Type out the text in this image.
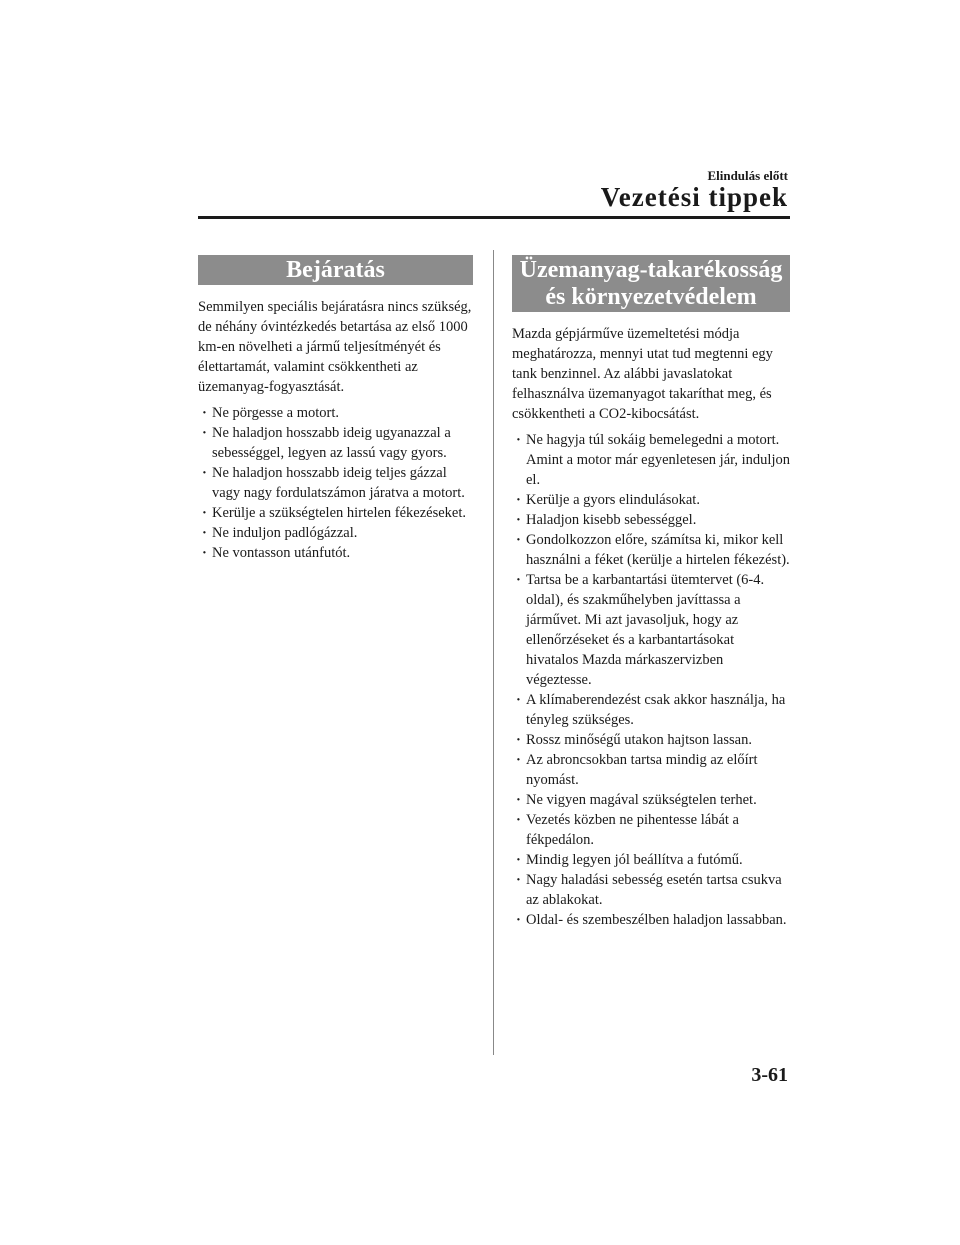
Elindulás előtt
Vezetési tippek
Bejáratás

Semmilyen speciális bejáratásra nincs szükség, de néhány óvintézkedés betartása az első 1000 km-en növelheti a jármű teljesítményét és élettartamát, valamint csökkentheti az üzemanyag-fogyasztását.

· Ne pörgesse a motort.
· Ne haladjon hosszabb ideig ugyanazzal a sebességgel, legyen az lassú vagy gyors.
· Ne haladjon hosszabb ideig teljes gázzal vagy nagy fordulatszámon járatva a motort.
· Kerülje a szükségtelen hirtelen fékezéseket.
· Ne induljon padlógázzal.
· Ne vontasson utánfutót.
Üzemanyag-takarékosság
és környezetvédelem

Mazda gépjárműve üzemeltetési módja meghatározza, mennyi utat tud megtenni egy tank benzinnel. Az alábbi javaslatokat felhasználva üzemanyagot takaríthat meg, és csökkentheti a CO2-kibocsátást.

· Ne hagyja túl sokáig bemelegedni a motort. Amint a motor már egyenletesen jár, induljon el.
· Kerülje a gyors elindulásokat.
· Haladjon kisebb sebességgel.
· Gondolkozzon előre, számítsa ki, mikor kell használni a féket (kerülje a hirtelen fékezést).
· Tartsa be a karbantartási ütemtervet (6-4. oldal), és szakműhelyben javíttassa a járművet. Mi azt javasoljuk, hogy az ellenőrzéseket és a karbantartásokat hivatalos Mazda márkaszervizben végeztesse.
· A klímaberendezést csak akkor használja, ha tényleg szükséges.
· Rossz minőségű utakon hajtson lassan.
· Az abroncsokban tartsa mindig az előírt nyomást.
· Ne vigyen magával szükségtelen terhet.
· Vezetés közben ne pihentesse lábát a fékpedálon.
· Mindig legyen jól beállítva a futómű.
· Nagy haladási sebesség esetén tartsa csukva az ablakokat.
· Oldal- és szembeszélben haladjon lassabban.
3-61
